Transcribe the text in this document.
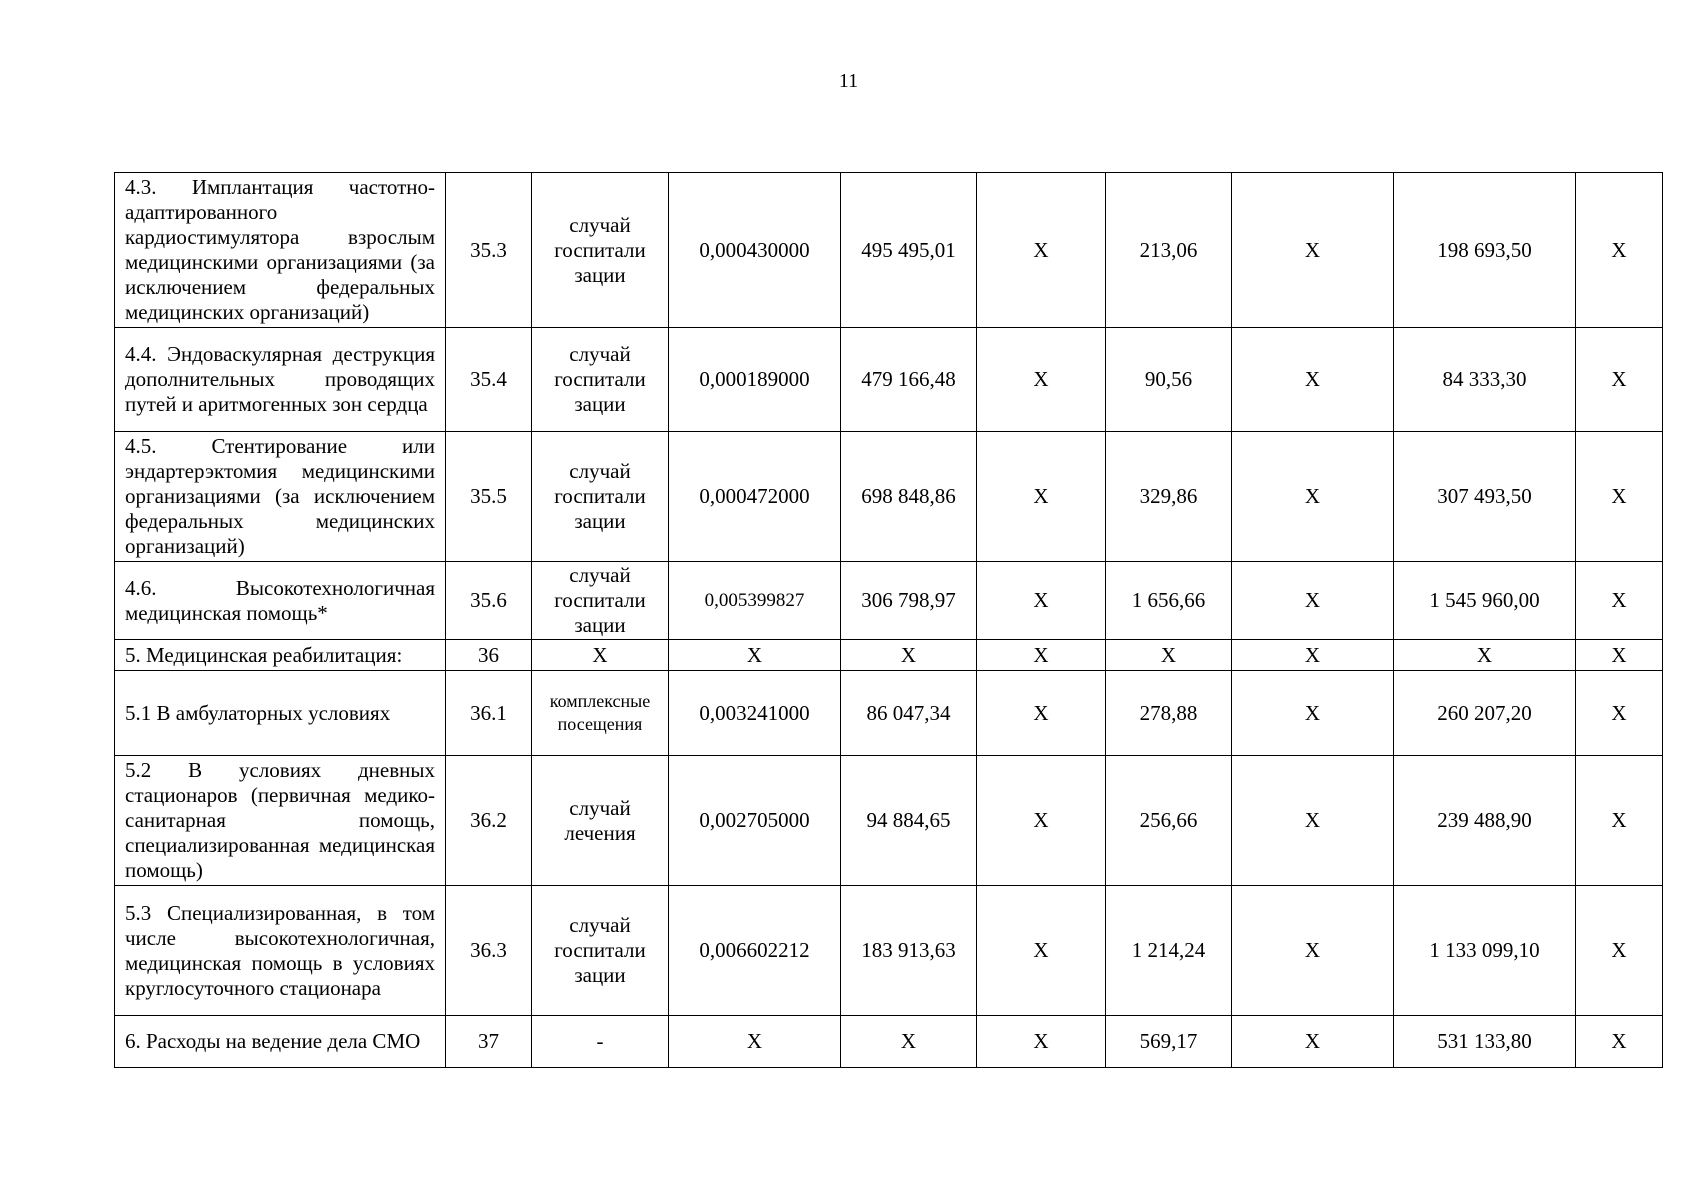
11
4.3. Имплантация частотно-адаптированного кардиостимулятора взрослым медицинскими организациями (за исключением федеральных медицинских организаций)	35.3	случай госпитали зации	0,000430000	495 495,01	Х	213,06	Х	198 693,50	Х
4.4. Эндоваскулярная деструкция дополнительных проводящих путей и аритмогенных зон сердца	35.4	случай госпитали зации	0,000189000	479 166,48	Х	90,56	Х	84 333,30	Х
4.5. Стентирование или эндартерэктомия медицинскими организациями (за исключением федеральных медицинских организаций)	35.5	случай госпитали зации	0,000472000	698 848,86	Х	329,86	Х	307 493,50	Х
4.6. Высокотехнологичная медицинская помощь*	35.6	случай госпитали зации	0,005399827	306 798,97	Х	1 656,66	Х	1 545 960,00	Х
5. Медицинская реабилитация:	36	Х	Х	Х	Х	Х	Х	Х	Х
5.1 В амбулаторных условиях	36.1	комплексные посещения	0,003241000	86 047,34	Х	278,88	Х	260 207,20	Х
5.2 В условиях дневных стационаров (первичная медико-санитарная помощь, специализированная медицинская помощь)	36.2	случай лечения	0,002705000	94 884,65	Х	256,66	Х	239 488,90	Х
5.3 Специализированная, в том числе высокотехнологичная, медицинская помощь в условиях круглосуточного стационара	36.3	случай госпитали зации	0,006602212	183 913,63	Х	1 214,24	Х	1 133 099,10	Х
6. Расходы на ведение дела СМО	37	-	Х	Х	Х	569,17	Х	531 133,80	Х
